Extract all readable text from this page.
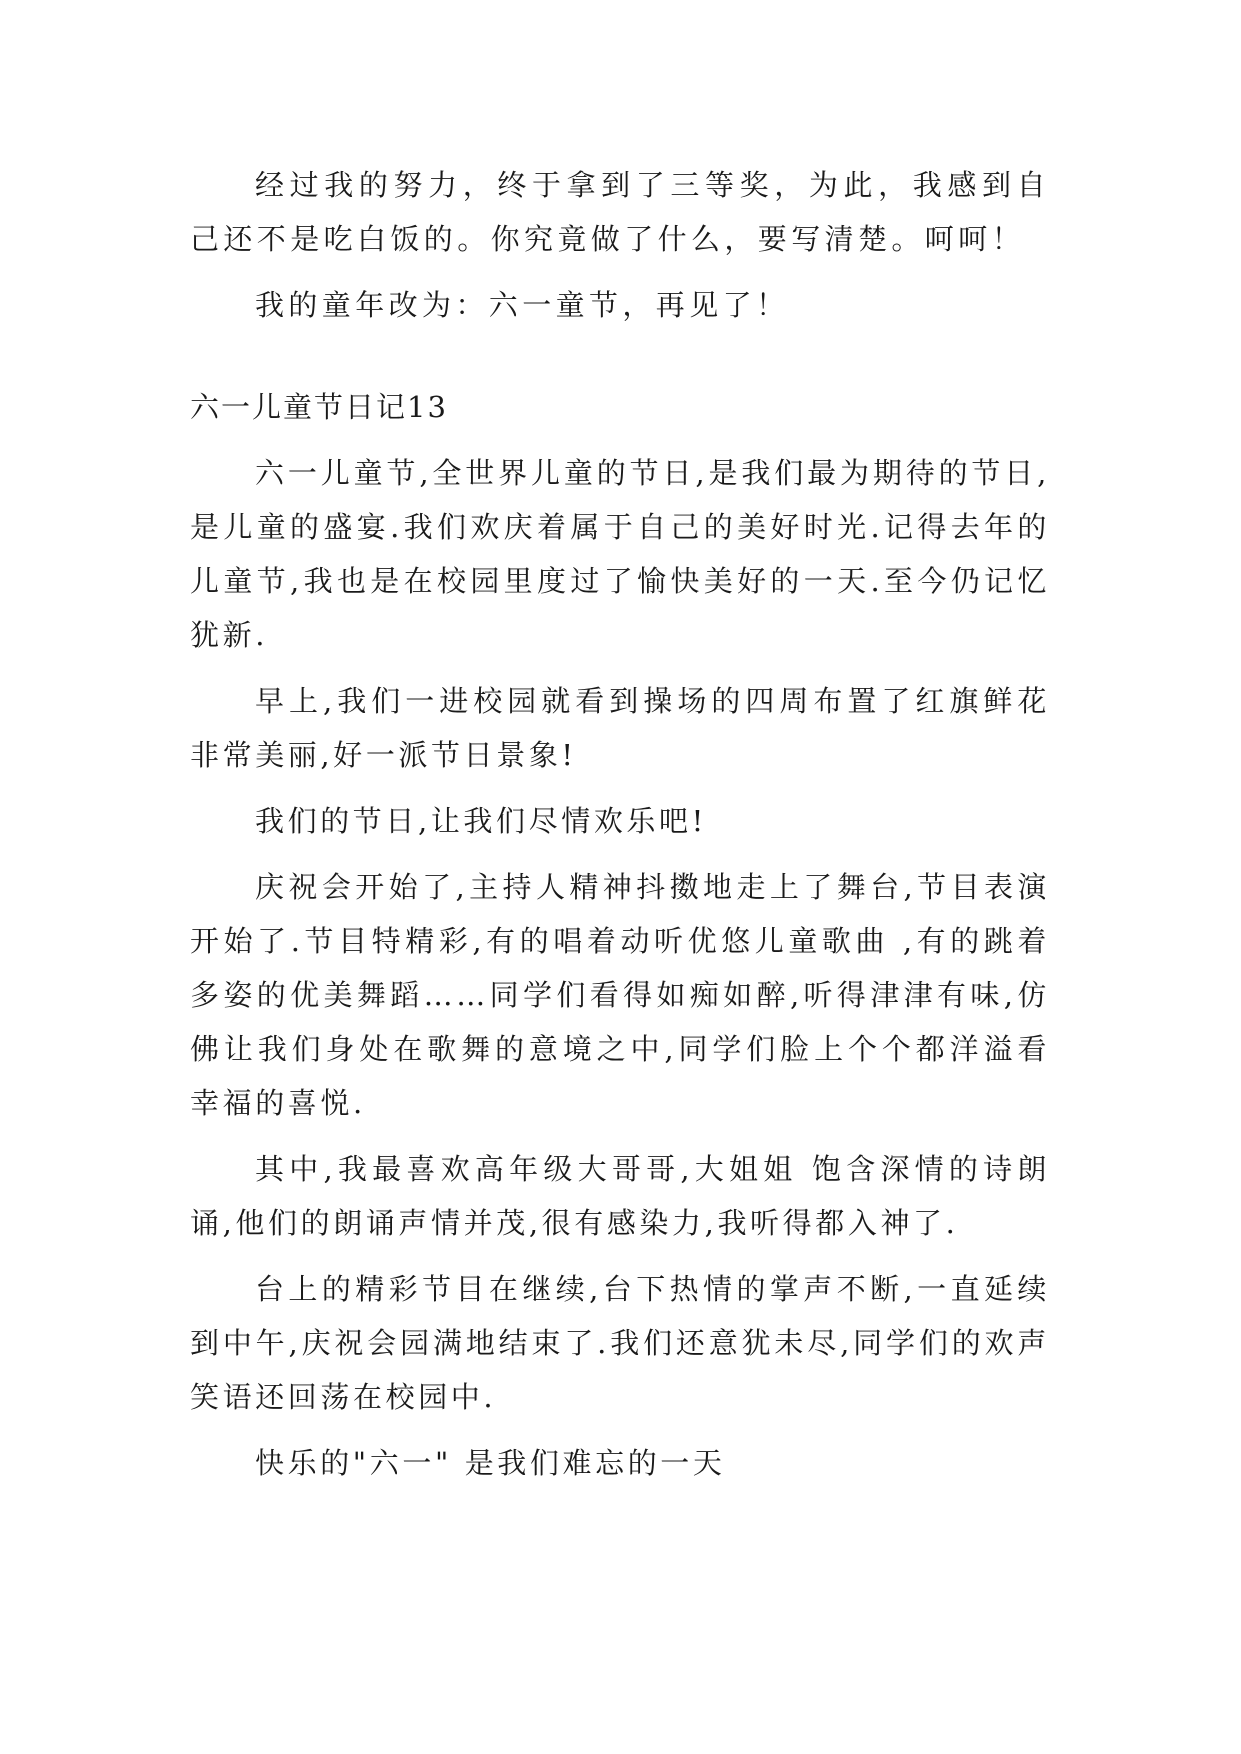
经过我的努力，终于拿到了三等奖，为此，我感到自己还不是吃白饭的。你究竟做了什么，要写清楚。呵呵！

我的童年改为：六一童节，再见了！

六一儿童节日记13

六一儿童节,全世界儿童的节日,是我们最为期待的节日, 是儿童的盛宴.我们欢庆着属于自己的美好时光.记得去年的儿童节,我也是在校园里度过了愉快美好的一天.至今仍记忆犹新.

早上,我们一进校园就看到操场的四周布置了红旗鲜花非常美丽,好一派节日景象!

我们的节日,让我们尽情欢乐吧!

庆祝会开始了,主持人精神抖擞地走上了舞台,节目表演开始了.节目特精彩,有的唱着动听优悠儿童歌曲 ,有的跳着多姿的优美舞蹈……同学们看得如痴如醉,听得津津有味,仿佛让我们身处在歌舞的意境之中,同学们脸上个个都洋溢看幸福的喜悦.

其中,我最喜欢高年级大哥哥,大姐姐 饱含深情的诗朗诵,他们的朗诵声情并茂,很有感染力,我听得都入神了.

台上的精彩节目在继续,台下热情的掌声不断,一直延续到中午,庆祝会园满地结束了.我们还意犹未尽,同学们的欢声笑语还回荡在校园中.

快乐的"六一" 是我们难忘的一天
